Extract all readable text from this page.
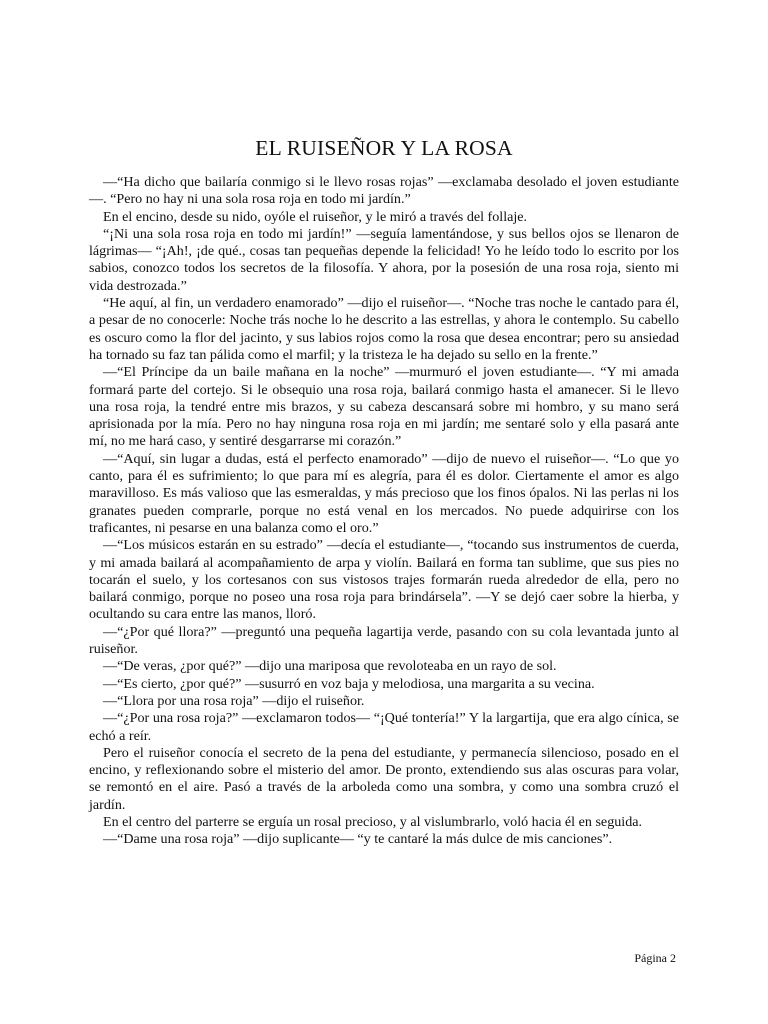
EL RUISEÑOR Y LA ROSA

—“Ha dicho que bailaría conmigo si le llevo rosas rojas” —exclamaba desolado el joven estudiante—. “Pero no hay ni una sola rosa roja en todo mi jardín.”

En el encino, desde su nido, oyóle el ruiseñor, y le miró a través del follaje.

“¡Ni una sola rosa roja en todo mi jardín!” —seguía lamentándose, y sus bellos ojos se llenaron de lágrimas— “¡Ah!, ¡de qué., cosas tan pequeñas depende la felicidad! Yo he leído todo lo escrito por los sabios, conozco todos los secretos de la filosofía. Y ahora, por la posesión de una rosa roja, siento mi vida destrozada.”

“He aquí, al fin, un verdadero enamorado” —dijo el ruiseñor—. “Noche tras noche le cantado para él, a pesar de no conocerle: Noche trás noche lo he descrito a las estrellas, y ahora le contemplo. Su cabello es oscuro como la flor del jacinto, y sus labios rojos como la rosa que desea encontrar; pero su ansiedad ha tornado su faz tan pálida como el marfil; y la tristeza le ha dejado su sello en la frente.”

—“El Príncipe da un baile mañana en la noche” —murmuró el joven estudiante—. “Y mi amada formará parte del cortejo. Si le obsequio una rosa roja, bailará conmigo hasta el amanecer. Si le llevo una rosa roja, la tendré entre mis brazos, y su cabeza descansará sobre mi hombro, y su mano será aprisionada por la mía. Pero no hay ninguna rosa roja en mi jardín; me sentaré solo y ella pasará ante mí, no me hará caso, y sentiré desgarrarse mi corazón.”

—“Aquí, sin lugar a dudas, está el perfecto enamorado” —dijo de nuevo el ruiseñor—. “Lo que yo canto, para él es sufrimiento; lo que para mí es alegría, para él es dolor. Ciertamente el amor es algo maravilloso. Es más valioso que las esmeraldas, y más precioso que los finos ópalos. Ni las perlas ni los granates pueden comprarle, porque no está venal en los mercados. No puede adquirirse con los traficantes, ni pesarse en una balanza como el oro.”

—“Los músicos estarán en su estrado” —decía el estudiante—, “tocando sus instrumentos de cuerda, y mi amada bailará al acompañamiento de arpa y violín. Bailará en forma tan sublime, que sus pies no tocarán el suelo, y los cortesanos con sus vistosos trajes formarán rueda alrededor de ella, pero no bailará conmigo, porque no poseo una rosa roja para brindársela”. —Y se dejó caer sobre la hierba, y ocultando su cara entre las manos, lloró.

—“¿Por qué llora?” —preguntó una pequeña lagartija verde, pasando con su cola levantada junto al ruiseñor.

—“De veras, ¿por qué?” —dijo una mariposa que revoloteaba en un rayo de sol.

—“Es cierto, ¿por qué?” —susurró en voz baja y melodiosa, una margarita a su vecina.

—“Llora por una rosa roja” —dijo el ruiseñor.

—“¿Por una rosa roja?” —exclamaron todos— “¡Qué tontería!” Y la largartija, que era algo cínica, se echó a reír.

Pero el ruiseñor conocía el secreto de la pena del estudiante, y permanecía silencioso, posado en el encino, y reflexionando sobre el misterio del amor. De pronto, extendiendo sus alas oscuras para volar, se remontó en el aire. Pasó a través de la arboleda como una sombra, y como una sombra cruzó el jardín.

En el centro del parterre se erguía un rosal precioso, y al vislumbrarlo, voló hacia él en seguida.

—“Dame una rosa roja” —dijo suplicante— “y te cantaré la más dulce de mis canciones”.

Página 2
